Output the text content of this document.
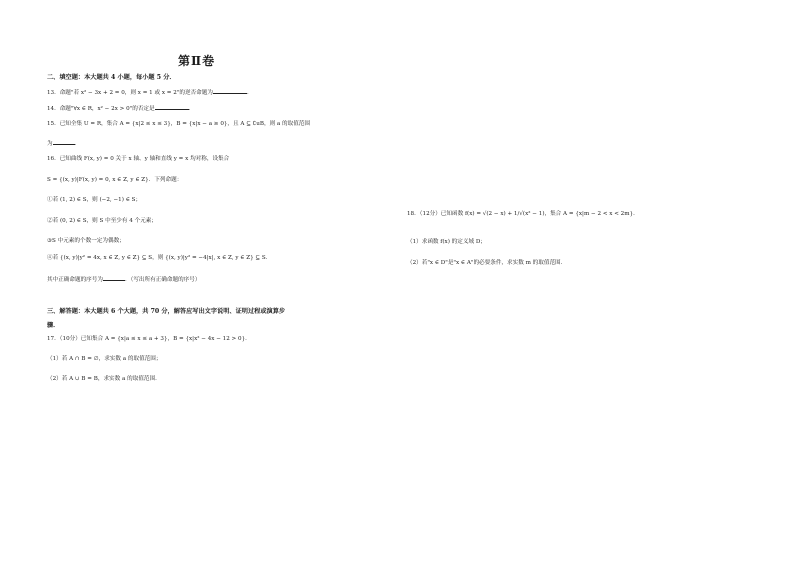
第Ⅱ卷
二、填空题：本大题共 4 小题，每小题 5 分．
13．命题"若 x² − 3x + 2 = 0，则 x = 1 或 x = 2"的逆否命题为	．
14．命题"∀x ∈ R，x² − 2x > 0"的否定是	．
15．已知全集 U = R，集合 A = {x|2 ≤ x ≤ 3}，B = {x|x − a ≥ 0}，且 A ⊆ ∁uB，则 a 的取值范围
为	．
16．已知曲线 F(x, y) = 0 关于 x 轴、y 轴和直线 y = x 均对称，设集合
S = {(x, y)|F(x, y) = 0, x ∈ Z, y ∈ Z}．下列命题：
①若 (1, 2) ∈ S，则 (−2, −1) ∈ S；
②若 (0, 2) ∈ S，则 S 中至少有 4 个元素；
③S 中元素的个数一定为偶数；
④若 {(x, y)|y² = 4x, x ∈ Z, y ∈ Z} ⊆ S，则 {(x, y)|y² = −4|x|, x ∈ Z, y ∈ Z} ⊆ S．
其中正确命题的序号为	．（写出所有正确命题的序号）
三、解答题：本大题共 6 个大题，共 70 分，解答应写出文字说明、证明过程或演算步
骤．
17．（10分）已知集合 A = {x|a ≤ x ≤ a + 3}，B = {x|x² − 4x − 12 > 0}．
（1）若 A ∩ B = ∅，求实数 a 的取值范围；
（2）若 A ∪ B = B，求实数 a 的取值范围．
18．（12分）已知函数 f(x) = √(2 − x) + 1/√(x² − 1)，集合 A = {x|m − 2 < x < 2m}．
（1）求函数 f(x) 的定义域 D；
（2）若"x ∈ D"是"x ∈ A"的必要条件，求实数 m 的取值范围．
